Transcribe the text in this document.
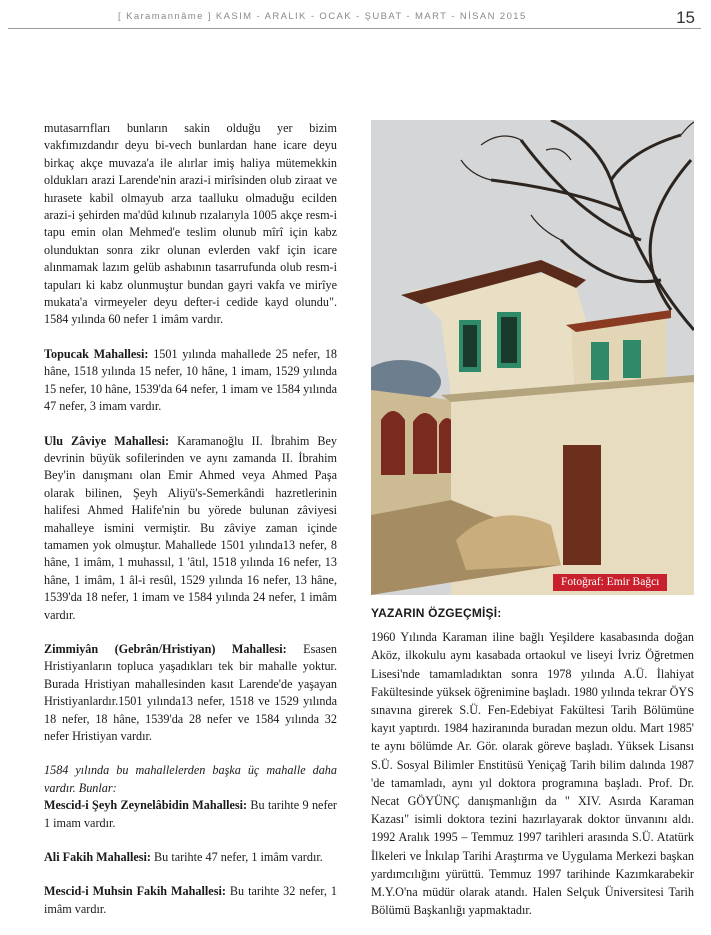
[ Karamannâme ] KASIM - ARALIK - OCAK - ŞUBAT - MART - NİSAN 2015	15

mutasarrıfları bunların sakin olduğu yer bizim vakfımızdandır deyu bi-vech bunlardan hane icare deyu birkaç akçe muvaza'a ile alırlar imiş haliya mütemekkin oldukları arazi Larende'nin arazi-i mirîsinden olub ziraat ve hırasete kabil olmayub arza taalluku olmaduğu ecilden arazi-i şehirden ma'dûd kılınub rızalarıyla 1005 akçe resm-i tapu emin olan Mehmed'e teslim olunub mîrî için kabz olunduktan sonra zikr olunan evlerden vakf için icare alınmamak lazım gelüb ashabının tasarrufunda olub resm-i tapuları ki kabz olunmuştur bundan gayri vakfa ve mirîye mukata'a virmeyeler deyu defter-i cedide kayd olundu". 1584 yılında 60 nefer 1 imâm vardır.

Topucak Mahallesi: 1501 yılında mahallede 25 nefer, 18 hâne, 1518 yılında 15 nefer, 10 hâne, 1 imam, 1529 yılında 15 nefer, 10 hâne, 1539'da 64 nefer, 1 imam ve 1584 yılında 47 nefer, 3 imam vardır.

Ulu Zâviye Mahallesi: Karamanoğlu II. İbrahim Bey devrinin büyük sofilerinden ve aynı zamanda II. İbrahim Bey'in danışmanı olan Emir Ahmed veya Ahmed Paşa olarak bilinen, Şeyh Aliyü's-Semerkândi hazretlerinin halifesi Ahmed Halife'nin bu yörede bulunan zâviyesi mahalleye ismini vermiştir. Bu zâviye zaman içinde tamamen yok olmuştur. Mahallede 1501 yılında13 nefer, 8 hâne, 1 imâm, 1 muhassıl, 1 'âtıl, 1518 yılında 16 nefer, 13 hâne, 1 imâm, 1 âl-i resûl, 1529 yılında 16 nefer, 13 hâne, 1539'da 18 nefer, 1 imam ve 1584 yılında 24 nefer, 1 imâm vardır.

Zimmiyân (Gebrân/Hristiyan) Mahallesi: Esasen Hristiyanların topluca yaşadıkları tek bir mahalle yoktur. Burada Hristiyan mahallesinden kasıt Larende'de yaşayan Hristiyanlardır.1501 yılında13 nefer, 1518 ve 1529 yılında 18 nefer, 18 hâne, 1539'da 28 nefer ve 1584 yılında 32 nefer Hristiyan vardır.

1584 yılında bu mahallelerden başka üç mahalle daha vardır. Bunlar:

Mescid-i Şeyh Zeynelâbidin Mahallesi: Bu tarihte 9 nefer 1 imam vardır.

Ali Fakih Mahallesi: Bu tarihte 47 nefer, 1 imâm vardır.

Mescid-i Muhsin Fakih Mahallesi: Bu tarihte 32 nefer, 1 imâm vardır.

Fotoğraf: Emir Bağcı
YAZARIN ÖZGEÇMİŞİ:
1960 Yılında Karaman iline bağlı Yeşildere kasabasında doğan Aköz, ilkokulu aynı kasabada ortaokul ve liseyi İvriz Öğretmen Lisesi'nde tamamladıktan sonra 1978 yılında A.Ü. İlahiyat Fakültesinde yüksek öğrenimine başladı. 1980 yılında tekrar ÖYS sınavına girerek S.Ü. Fen-Edebiyat Fakültesi Tarih Bölümüne kayıt yaptırdı. 1984 haziranında buradan mezun oldu. Mart 1985' te aynı bölümde Ar. Gör. olarak göreve başladı. Yüksek Lisansı S.Ü. Sosyal Bilimler Enstitüsü Yeniçağ Tarih bilim dalında 1987 'de tamamladı, aynı yıl doktora programına başladı. Prof. Dr. Necat GÖYÜNÇ danışmanlığın da " XIV. Asırda Karaman Kazası" isimli doktora tezini hazırlayarak doktor ünvanını aldı. 1992 Aralık 1995 – Temmuz 1997 tarihleri arasında S.Ü. Atatürk İlkeleri ve İnkılap Tarihi Araştırma ve Uygulama Merkezi başkan yardımcılığını yürüttü. Temmuz 1997 tarihinde Kazımkarabekir M.Y.O'na müdür olarak atandı. Halen Selçuk Üniversitesi Tarih Bölümü Başkanlığı yapmaktadır.
